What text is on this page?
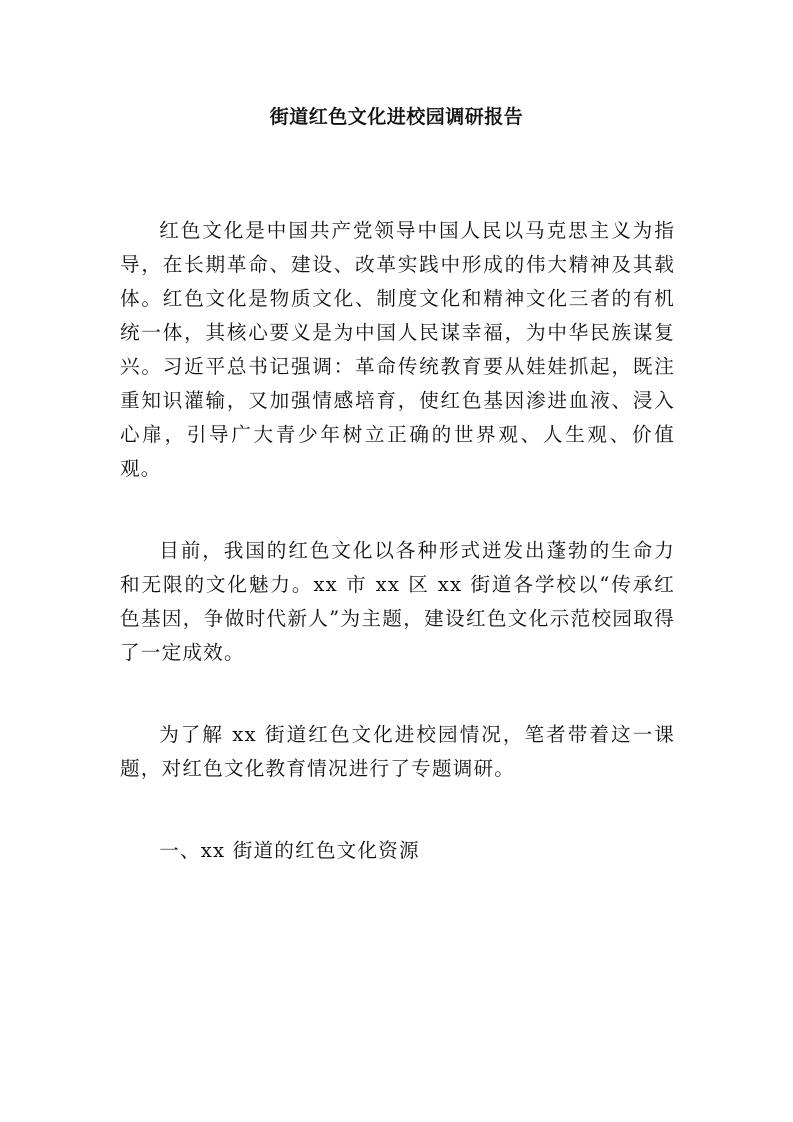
街道红色文化进校园调研报告

红色文化是中国共产党领导中国人民以马克思主义为指导，在长期革命、建设、改革实践中形成的伟大精神及其载体。红色文化是物质文化、制度文化和精神文化三者的有机统一体，其核心要义是为中国人民谋幸福，为中华民族谋复兴。习近平总书记强调：革命传统教育要从娃娃抓起，既注重知识灌输，又加强情感培育，使红色基因渗进血液、浸入心扉，引导广大青少年树立正确的世界观、人生观、价值观。

目前，我国的红色文化以各种形式迸发出蓬勃的生命力和无限的文化魅力。xx 市 xx 区 xx 街道各学校以“传承红色基因，争做时代新人”为主题，建设红色文化示范校园取得了一定成效。

为了解 xx 街道红色文化进校园情况，笔者带着这一课题，对红色文化教育情况进行了专题调研。

一、xx 街道的红色文化资源
